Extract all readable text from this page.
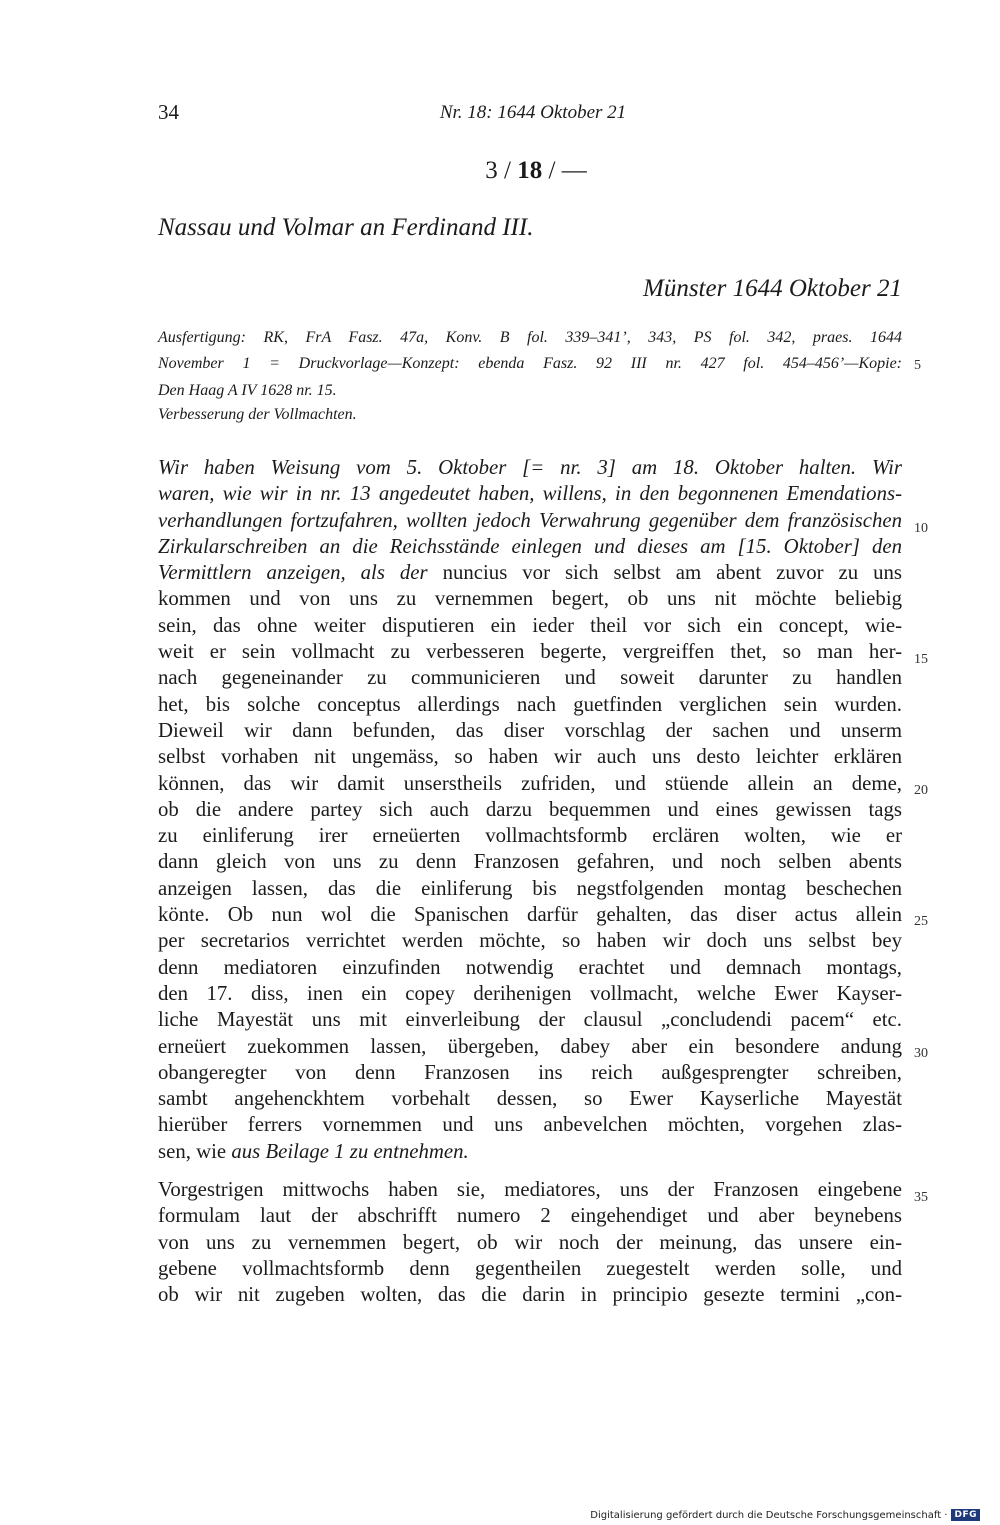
34	Nr. 18: 1644 Oktober 21
3 / 18 / —
Nassau und Volmar an Ferdinand III.
Münster 1644 Oktober 21
Ausfertigung: RK, FrA Fasz. 47a, Konv. B fol. 339–341’, 343, PS fol. 342, praes. 1644
November 1 = Druckvorlage—Konzept: ebenda Fasz. 92 III nr. 427 fol. 454–456’—Kopie:
Den Haag A IV 1628 nr. 15.
Verbesserung der Vollmachten.
Wir haben Weisung vom 5. Oktober [= nr. 3] am 18. Oktober halten. Wir
waren, wie wir in nr. 13 angedeutet haben, willens, in den begonnenen Emendations-
verhandlungen fortzufahren, wollten jedoch Verwahrung gegenüber dem französischen
Zirkularschreiben an die Reichsstände einlegen und dieses am [15. Oktober] den
Vermittlern anzeigen, als der nuncius vor sich selbst am abent zuvor zu uns
kommen und von uns zu vernemmen begert, ob uns nit möchte beliebig
sein, das ohne weiter disputieren ein ieder theil vor sich ein concept, wie-
weit er sein vollmacht zu verbesseren begerte, vergreiffen thet, so man her-
nach gegeneinander zu communicieren und soweit darunter zu handlen
het, bis solche conceptus allerdings nach guetfinden verglichen sein wurden.
Dieweil wir dann befunden, das diser vorschlag der sachen und unserm
selbst vorhaben nit ungemäss, so haben wir auch uns desto leichter erklären
können, das wir damit unserstheils zufriden, und stüende allein an deme,
ob die andere partey sich auch darzu bequemmen und eines gewissen tags
zu einliferung irer erneüerten vollmachtsformb erclären wolten, wie er
dann gleich von uns zu denn Franzosen gefahren, und noch selben abents
anzeigen lassen, das die einliferung bis negstfolgenden montag beschechen
könte. Ob nun wol die Spanischen darfür gehalten, das diser actus allein
per secretarios verrichtet werden möchte, so haben wir doch uns selbst bey
denn mediatoren einzufinden notwendig erachtet und demnach montags,
den 17. diss, inen ein copey derihenigen vollmacht, welche Ewer Kayser-
liche Mayestät uns mit einverleibung der clausul „concludendi pacem“ etc.
erneüert zuekommen lassen, übergeben, dabey aber ein besondere andung
obangeregter von denn Franzosen ins reich außgesprengter schreiben,
sambt angehenckhtem vorbehalt dessen, so Ewer Kayserliche Mayestät
hierüber ferrers vornemmen und uns anbevelchen möchten, vorgehen zlas-
sen, wie aus Beilage 1 zu entnehmen.
Vorgestrigen mittwochs haben sie, mediatores, uns der Franzosen eingebene
formulam laut der abschrifft numero 2 eingehendiget und aber beynebens
von uns zu vernemmen begert, ob wir noch der meinung, das unsere ein-
gebene vollmachtsformb denn gegentheilen zuegestelt werden solle, und
ob wir nit zugeben wolten, das die darin in principio gesezte termini „con-
5
10
15
20
25
30
35
Digitalisierung gefördert durch die Deutsche Forschungsgemeinschaft · DFG
